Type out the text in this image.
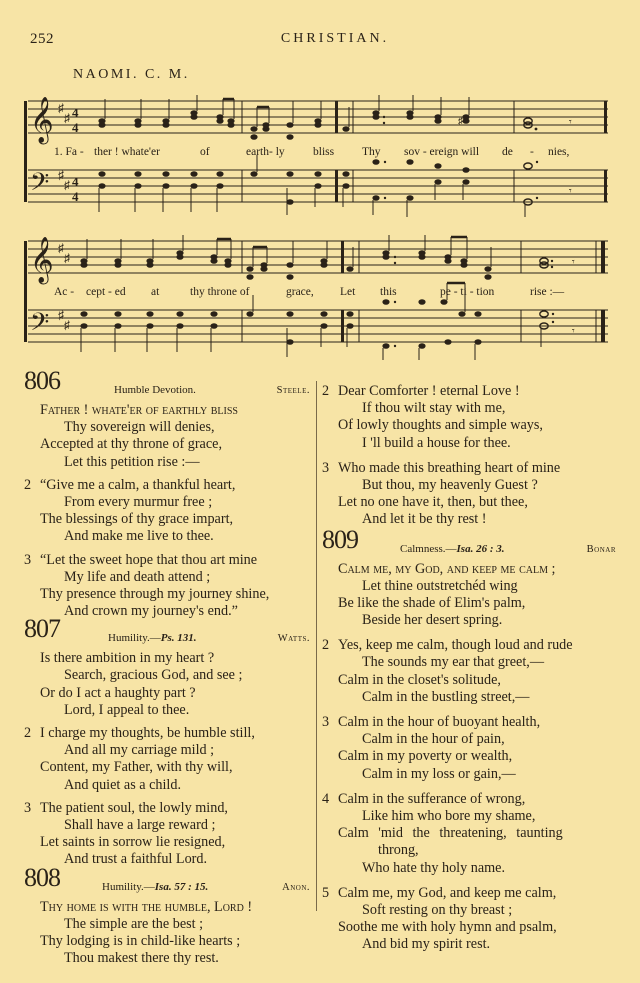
252	CHRISTIAN.
NAOMI. C. M.
𝄞
𝄢
♯
♯ 4
4
♯
♯ 4
4
♯	𝄾
𝄾
1. Fa - ther ! whate'er	of	earth- ly bliss Thy sov - ereign will de - nies,
𝄞
𝄢
♯
♯
♯
♯
𝄾
𝄾
Ac - cept - ed at	thy throne of	grace, Let this	pe - ti - tion	rise :—
806	Humble Devotion.	Steele.
Father ! whate'er of earthly bliss
Thy sovereign will denies,
Accepted at thy throne of grace,
Let this petition rise :—
2 “Give me a calm, a thankful heart,
From every murmur free ;
The blessings of thy grace impart,
And make me live to thee.
3 “Let the sweet hope that thou art mine
My life and death attend ;
Thy presence through my journey shine,
And crown my journey's end.”
807	Humility.—Ps. 131.	Watts.
Is there ambition in my heart ?
Search, gracious God, and see ;
Or do I act a haughty part ?
Lord, I appeal to thee.
2 I charge my thoughts, be humble still,
And all my carriage mild ;
Content, my Father, with thy will,
And quiet as a child.
3 The patient soul, the lowly mind,
Shall have a large reward ;
Let saints in sorrow lie resigned,
And trust a faithful Lord.
808	Humility.—Isa. 57 : 15.	Anon.
Thy home is with the humble, Lord !
The simple are the best ;
Thy lodging is in child-like hearts ;
Thou makest there thy rest.
2 Dear Comforter ! eternal Love !
If thou wilt stay with me,
Of lowly thoughts and simple ways,
I 'll build a house for thee.
3 Who made this breathing heart of mine
But thou, my heavenly Guest ?
Let no one have it, then, but thee,
And let it be thy rest !
809	Calmness.—Isa. 26 : 3.	Bonar
Calm me, my God, and keep me calm ;
Let thine outstretchéd wing
Be like the shade of Elim's palm,
Beside her desert spring.
2 Yes, keep me calm, though loud and rude
The sounds my ear that greet,—
Calm in the closet's solitude,
Calm in the bustling street,—
3 Calm in the hour of buoyant health,
Calm in the hour of pain,
Calm in my poverty or wealth,
Calm in my loss or gain,—
4 Calm in the sufferance of wrong,
Like him who bore my shame,
Calm 'mid the threatening, taunting
throng,
Who hate thy holy name.
5 Calm me, my God, and keep me calm,
Soft resting on thy breast ;
Soothe me with holy hymn and psalm,
And bid my spirit rest.
